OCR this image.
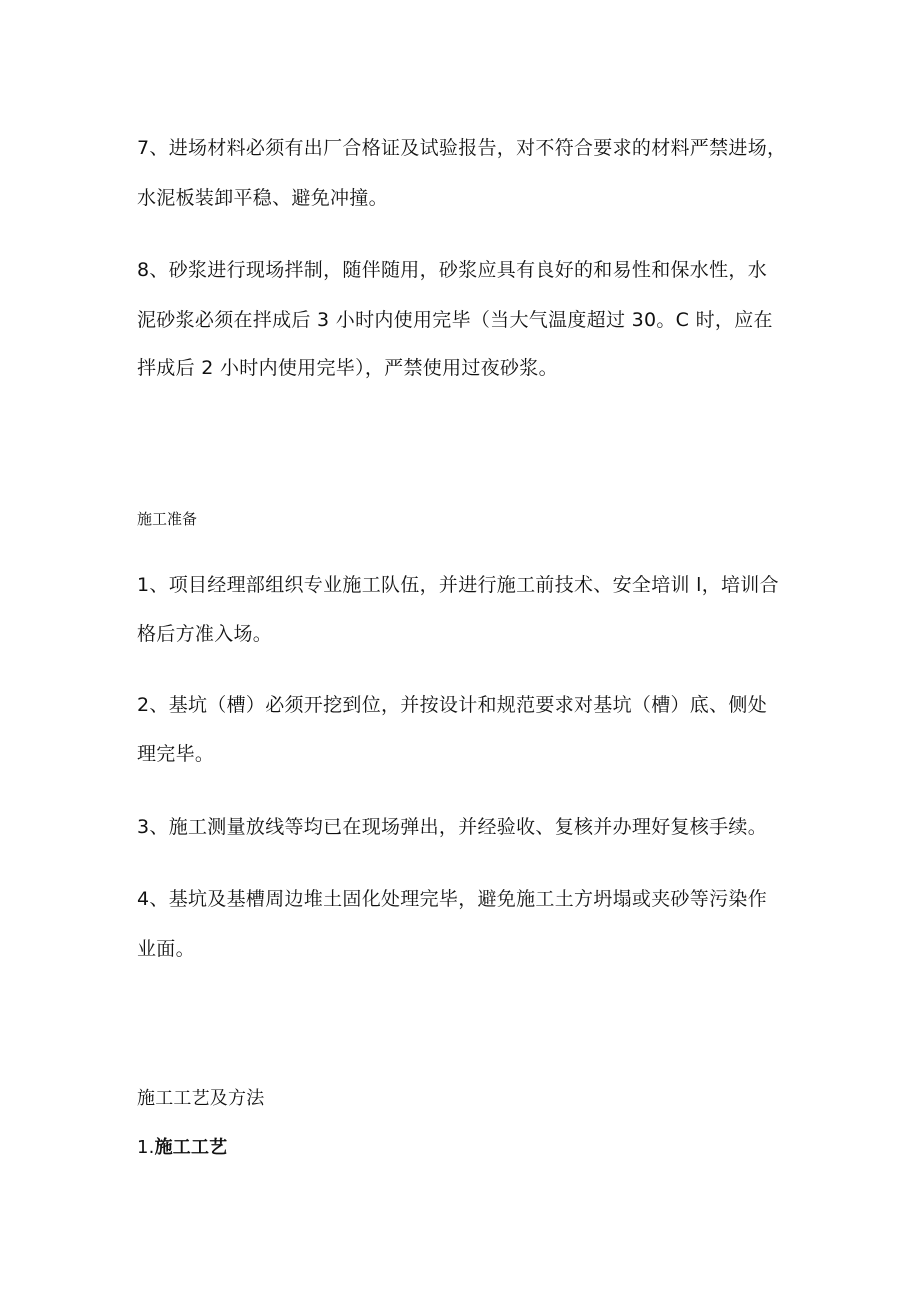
7、进场材料必须有出厂合格证及试验报告，对不符合要求的材料严禁进场，
水泥板装卸平稳、避免冲撞。
8、砂浆进行现场拌制，随伴随用，砂浆应具有良好的和易性和保水性，水
泥砂浆必须在拌成后 3 小时内使用完毕（当大气温度超过 30。C 时，应在
拌成后 2 小时内使用完毕），严禁使用过夜砂浆。
施工准备
1、项目经理部组织专业施工队伍，并进行施工前技术、安全培训 l，培训合
格后方准入场。
2、基坑（槽）必须开挖到位，并按设计和规范要求对基坑（槽）底、侧处
理完毕。
3、施工测量放线等均已在现场弹出，并经验收、复核并办理好复核手续。
4、基坑及基槽周边堆土固化处理完毕，避免施工土方坍塌或夹砂等污染作
业面。
施工工艺及方法
1.施工工艺
